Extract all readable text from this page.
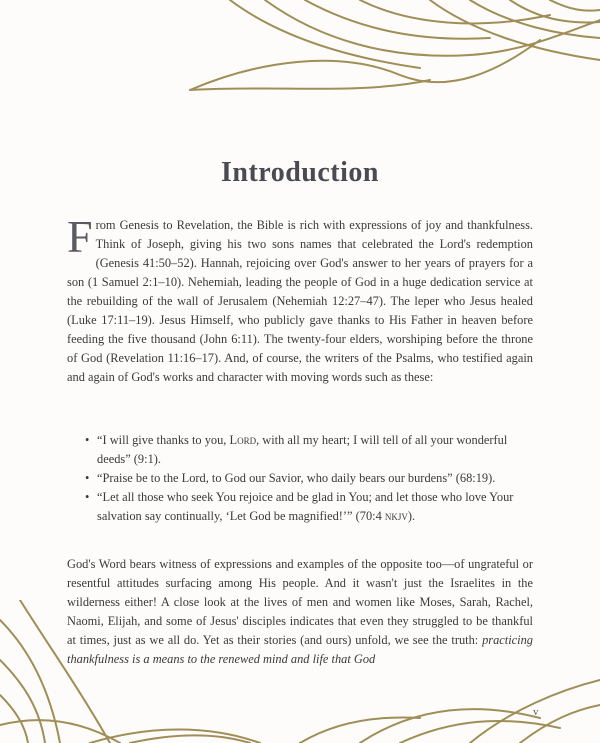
Introduction
From Genesis to Revelation, the Bible is rich with expressions of joy and thankfulness. Think of Joseph, giving his two sons names that celebrated the Lord's redemption (Genesis 41:50–52). Hannah, rejoicing over God's answer to her years of prayers for a son (1 Samuel 2:1–10). Nehemiah, leading the people of God in a huge dedication service at the rebuilding of the wall of Jerusalem (Nehemiah 12:27–47). The leper who Jesus healed (Luke 17:11–19). Jesus Himself, who publicly gave thanks to His Father in heaven before feeding the five thousand (John 6:11). The twenty-four elders, worshiping before the throne of God (Revelation 11:16–17). And, of course, the writers of the Psalms, who testified again and again of God's works and character with moving words such as these:
• “I will give thanks to you, Lord, with all my heart; I will tell of all your wonderful deeds” (9:1).
• “Praise be to the Lord, to God our Savior, who daily bears our burdens” (68:19).
• “Let all those who seek You rejoice and be glad in You; and let those who love Your salvation say continually, ‘Let God be magnified!’” (70:4 nkjv).
God's Word bears witness of expressions and examples of the opposite too—of ungrateful or resentful attitudes surfacing among His people. And it wasn't just the Israelites in the wilderness either! A close look at the lives of men and women like Moses, Sarah, Rachel, Naomi, Elijah, and some of Jesus' disciples indicates that even they struggled to be thankful at times, just as we all do. Yet as their stories (and ours) unfold, we see the truth: practicing thankfulness is a means to the renewed mind and life that God
v
